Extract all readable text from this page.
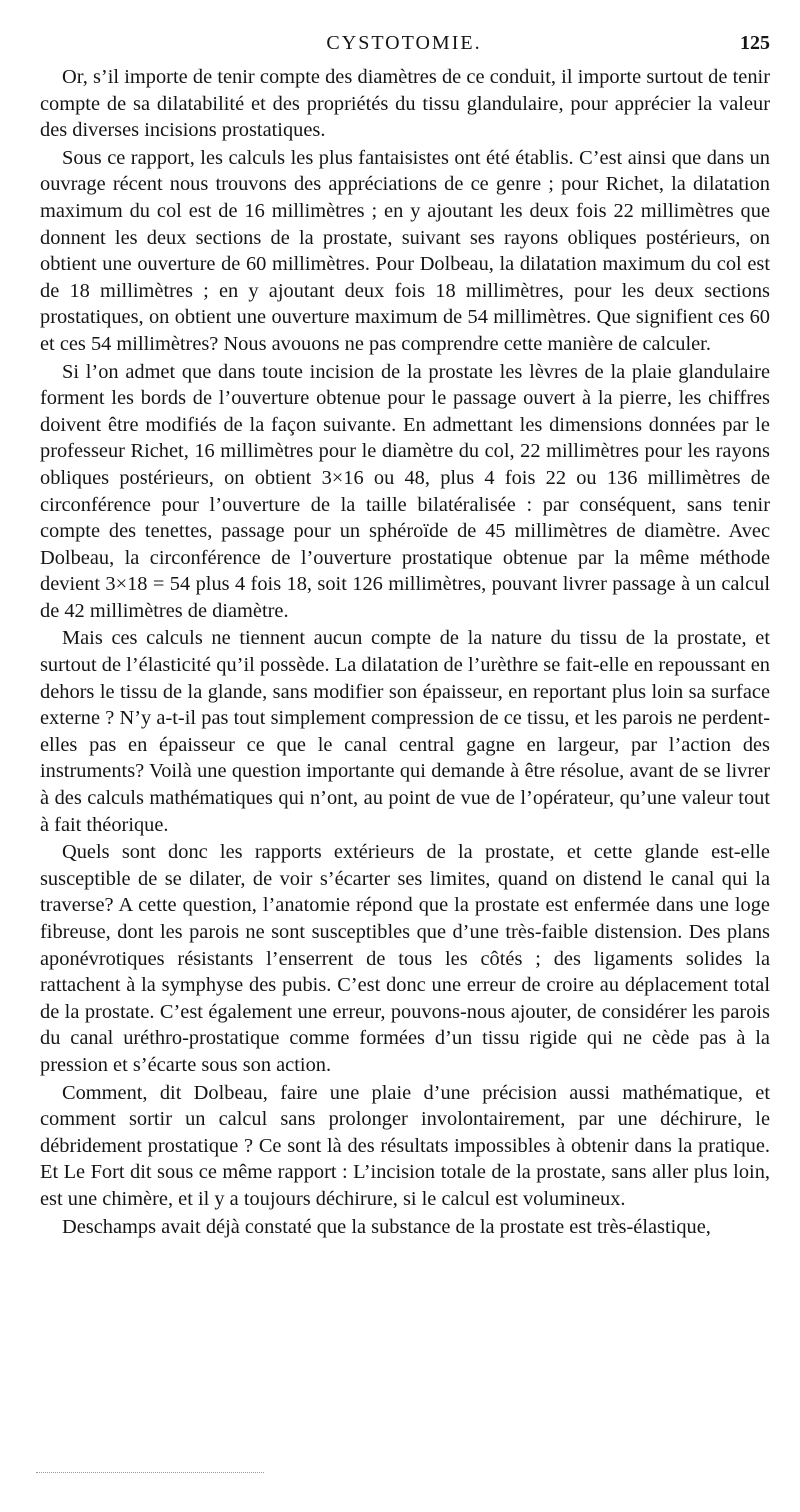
CYSTOTOMIE.	125

Or, s’il importe de tenir compte des diamètres de ce conduit, il importe surtout de tenir compte de sa dilatabilité et des propriétés du tissu glandulaire, pour apprécier la valeur des diverses incisions prostatiques.

Sous ce rapport, les calculs les plus fantaisistes ont été établis. C’est ainsi que dans un ouvrage récent nous trouvons des appréciations de ce genre ; pour Richet, la dilatation maximum du col est de 16 millimètres ; en y ajoutant les deux fois 22 millimètres que donnent les deux sections de la prostate, suivant ses rayons obliques postérieurs, on obtient une ouverture de 60 millimètres. Pour Dolbeau, la dilatation maximum du col est de 18 millimètres ; en y ajoutant deux fois 18 millimètres, pour les deux sections prostatiques, on obtient une ouverture maximum de 54 millimètres. Que signifient ces 60 et ces 54 millimètres? Nous avouons ne pas comprendre cette manière de calculer.

Si l’on admet que dans toute incision de la prostate les lèvres de la plaie glandulaire forment les bords de l’ouverture obtenue pour le passage ouvert à la pierre, les chiffres doivent être modifiés de la façon suivante. En admettant les dimensions données par le professeur Richet, 16 millimètres pour le diamètre du col, 22 millimètres pour les rayons obliques postérieurs, on obtient 3×16 ou 48, plus 4 fois 22 ou 136 millimètres de circonférence pour l’ouverture de la taille bilatéralisée : par conséquent, sans tenir compte des tenettes, passage pour un sphéroïde de 45 millimètres de diamètre. Avec Dolbeau, la circonférence de l’ouverture prostatique obtenue par la même méthode devient 3×18 = 54 plus 4 fois 18, soit 126 millimètres, pouvant livrer passage à un calcul de 42 millimètres de diamètre.

Mais ces calculs ne tiennent aucun compte de la nature du tissu de la prostate, et surtout de l’élasticité qu’il possède. La dilatation de l’urèthre se fait-elle en repoussant en dehors le tissu de la glande, sans modifier son épaisseur, en reportant plus loin sa surface externe ? N’y a-t-il pas tout simplement compression de ce tissu, et les parois ne perdent-elles pas en épaisseur ce que le canal central gagne en largeur, par l’action des instruments? Voilà une question importante qui demande à être résolue, avant de se livrer à des calculs mathématiques qui n’ont, au point de vue de l’opérateur, qu’une valeur tout à fait théorique.

Quels sont donc les rapports extérieurs de la prostate, et cette glande est-elle susceptible de se dilater, de voir s’écarter ses limites, quand on distend le canal qui la traverse? A cette question, l’anatomie répond que la prostate est enfermée dans une loge fibreuse, dont les parois ne sont susceptibles que d’une très-faible distension. Des plans aponévrotiques résistants l’enserrent de tous les côtés ; des ligaments solides la rattachent à la symphyse des pubis. C’est donc une erreur de croire au déplacement total de la prostate. C’est également une erreur, pouvons-nous ajouter, de considérer les parois du canal uréthro-prostatique comme formées d’un tissu rigide qui ne cède pas à la pression et s’écarte sous son action.

Comment, dit Dolbeau, faire une plaie d’une précision aussi mathématique, et comment sortir un calcul sans prolonger involontairement, par une déchirure, le débridement prostatique ? Ce sont là des résultats impossibles à obtenir dans la pratique. Et Le Fort dit sous ce même rapport : L’incision totale de la prostate, sans aller plus loin, est une chimère, et il y a toujours déchirure, si le calcul est volumineux.

Deschamps avait déjà constaté que la substance de la prostate est très-élastique,
